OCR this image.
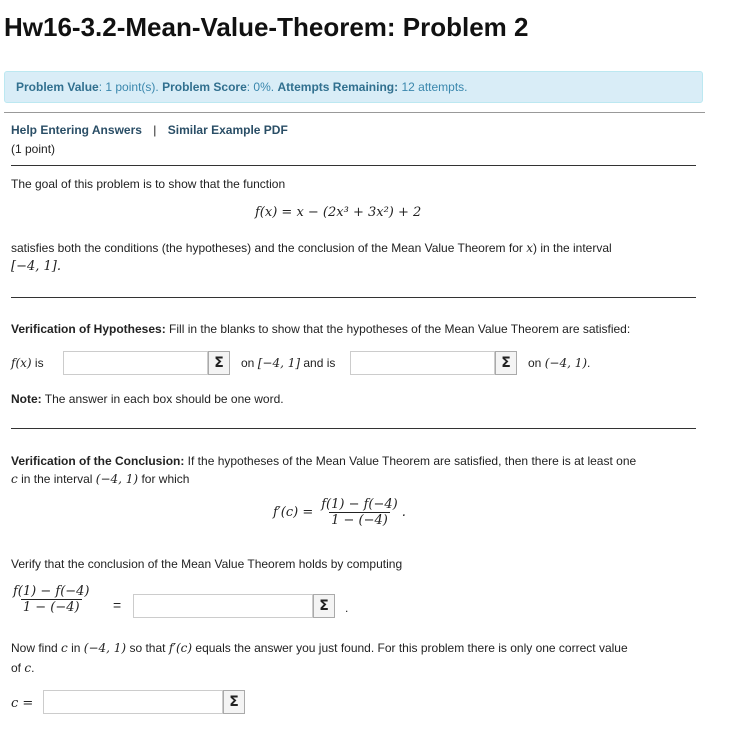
Hw16-3.2-Mean-Value-Theorem: Problem 2
Problem Value: 1 point(s). Problem Score: 0%. Attempts Remaining: 12 attempts.
Help Entering Answers | Similar Example PDF
(1 point)
The goal of this problem is to show that the function
f(x) = x − (2x³ + 3x²) + 2
satisfies both the conditions (the hypotheses) and the conclusion of the Mean Value Theorem for x) in the interval
[−4, 1].
Verification of Hypotheses: Fill in the blanks to show that the hypotheses of the Mean Value Theorem are satisfied:
f(x) is	Σ	on [−4, 1] and is	Σ	on (−4, 1).
Note: The answer in each box should be one word.
Verification of the Conclusion: If the hypotheses of the Mean Value Theorem are satisfied, then there is at least one
c in the interval (−4, 1) for which
$f'(c) = \frac{f(1) - f(-4)}{1 - (-4)}$ .
Verify that the conclusion of the Mean Value Theorem holds by computing
$\frac{f(1) - f(-4)}{1 - (-4)}$ =	Σ	.
Now find c in (−4, 1) so that f′(c) equals the answer you just found. For this problem there is only one correct value
of c.
c =	Σ
